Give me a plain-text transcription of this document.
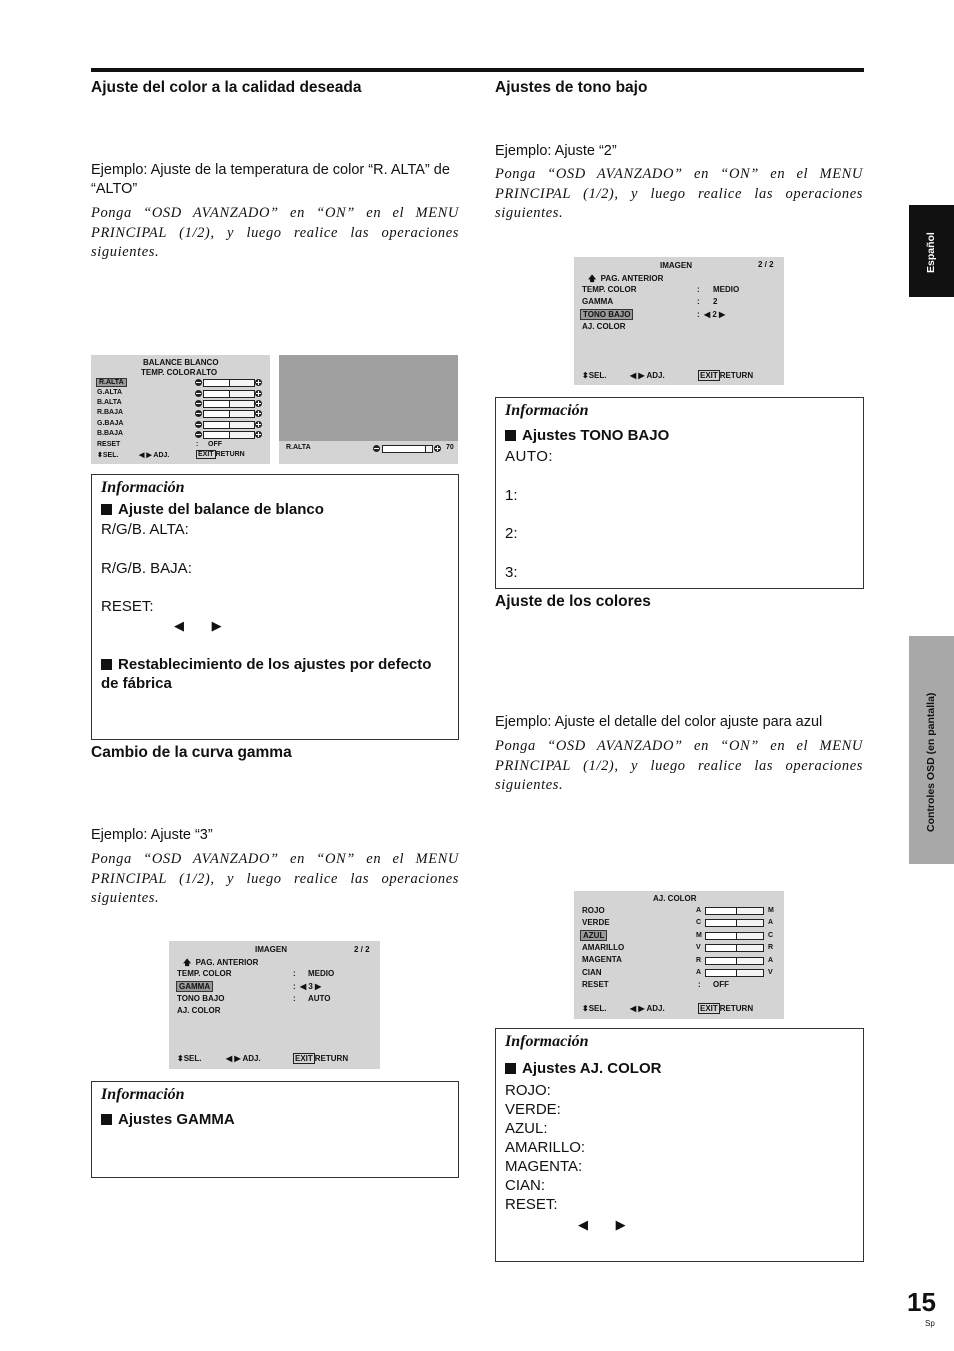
Ajuste del color a la calidad deseada
Ejemplo: Ajuste de la temperatura de color “R. ALTA” de “ALTO”
Ponga “OSD AVANZADO” en “ON” en el MENU PRINCIPAL (1/2), y luego realice las operaciones siguientes.
BALANCE BLANCO
TEMP. COLOR ALTO
R.ALTA
G.ALTA
B.ALTA
R.BAJA
G.BAJA
B.BAJA
RESET	: OFF
⬍SEL.	◀ ▶ ADJ.	EXIT RETURN
R.ALTA	70
Información
Ajuste del balance de blanco
R/G/B. ALTA:
R/G/B. BAJA:
RESET:
◀ ▶
Restablecimiento de los ajustes por defecto de fábrica
Cambio de la curva gamma
Ejemplo: Ajuste “3”
Ponga “OSD AVANZADO” en “ON” en el MENU PRINCIPAL (1/2), y luego realice las operaciones siguientes.
IMAGEN	2 / 2
🡅  PAG. ANTERIOR
TEMP. COLOR	: MEDIO
GAMMA	: ◀ 3 ▶
TONO BAJO	: AUTO
AJ. COLOR
⬍SEL.	◀ ▶ ADJ.	EXIT RETURN
Información
Ajustes GAMMA
Ajustes de tono bajo
Ejemplo: Ajuste “2”
Ponga “OSD AVANZADO” en “ON” en el MENU PRINCIPAL (1/2), y luego realice las operaciones siguientes.
IMAGEN	2 / 2
🡅  PAG. ANTERIOR
TEMP. COLOR	: MEDIO
GAMMA	: 2
TONO BAJO	: ◀ 2 ▶
AJ. COLOR
⬍SEL.	◀ ▶ ADJ.	EXIT RETURN
Información
Ajustes TONO BAJO
AUTO:
1:
2:
3:
Ajuste de los colores
Ejemplo: Ajuste el detalle del color ajuste para azul
Ponga “OSD AVANZADO” en “ON” en el MENU PRINCIPAL (1/2), y luego realice las operaciones siguientes.
AJ. COLOR
ROJO	A	M
VERDE	C	A
AZUL	M	C
AMARILLO	V	R
MAGENTA	R	A
CIAN	A	V
RESET	: OFF
⬍SEL.	◀ ▶ ADJ.	EXIT RETURN
Información
Ajustes AJ. COLOR
ROJO:
VERDE:
AZUL:
AMARILLO:
MAGENTA:
CIAN:
RESET:
◀ ▶
Español
Controles OSD (en pantalla)
15
Sp
